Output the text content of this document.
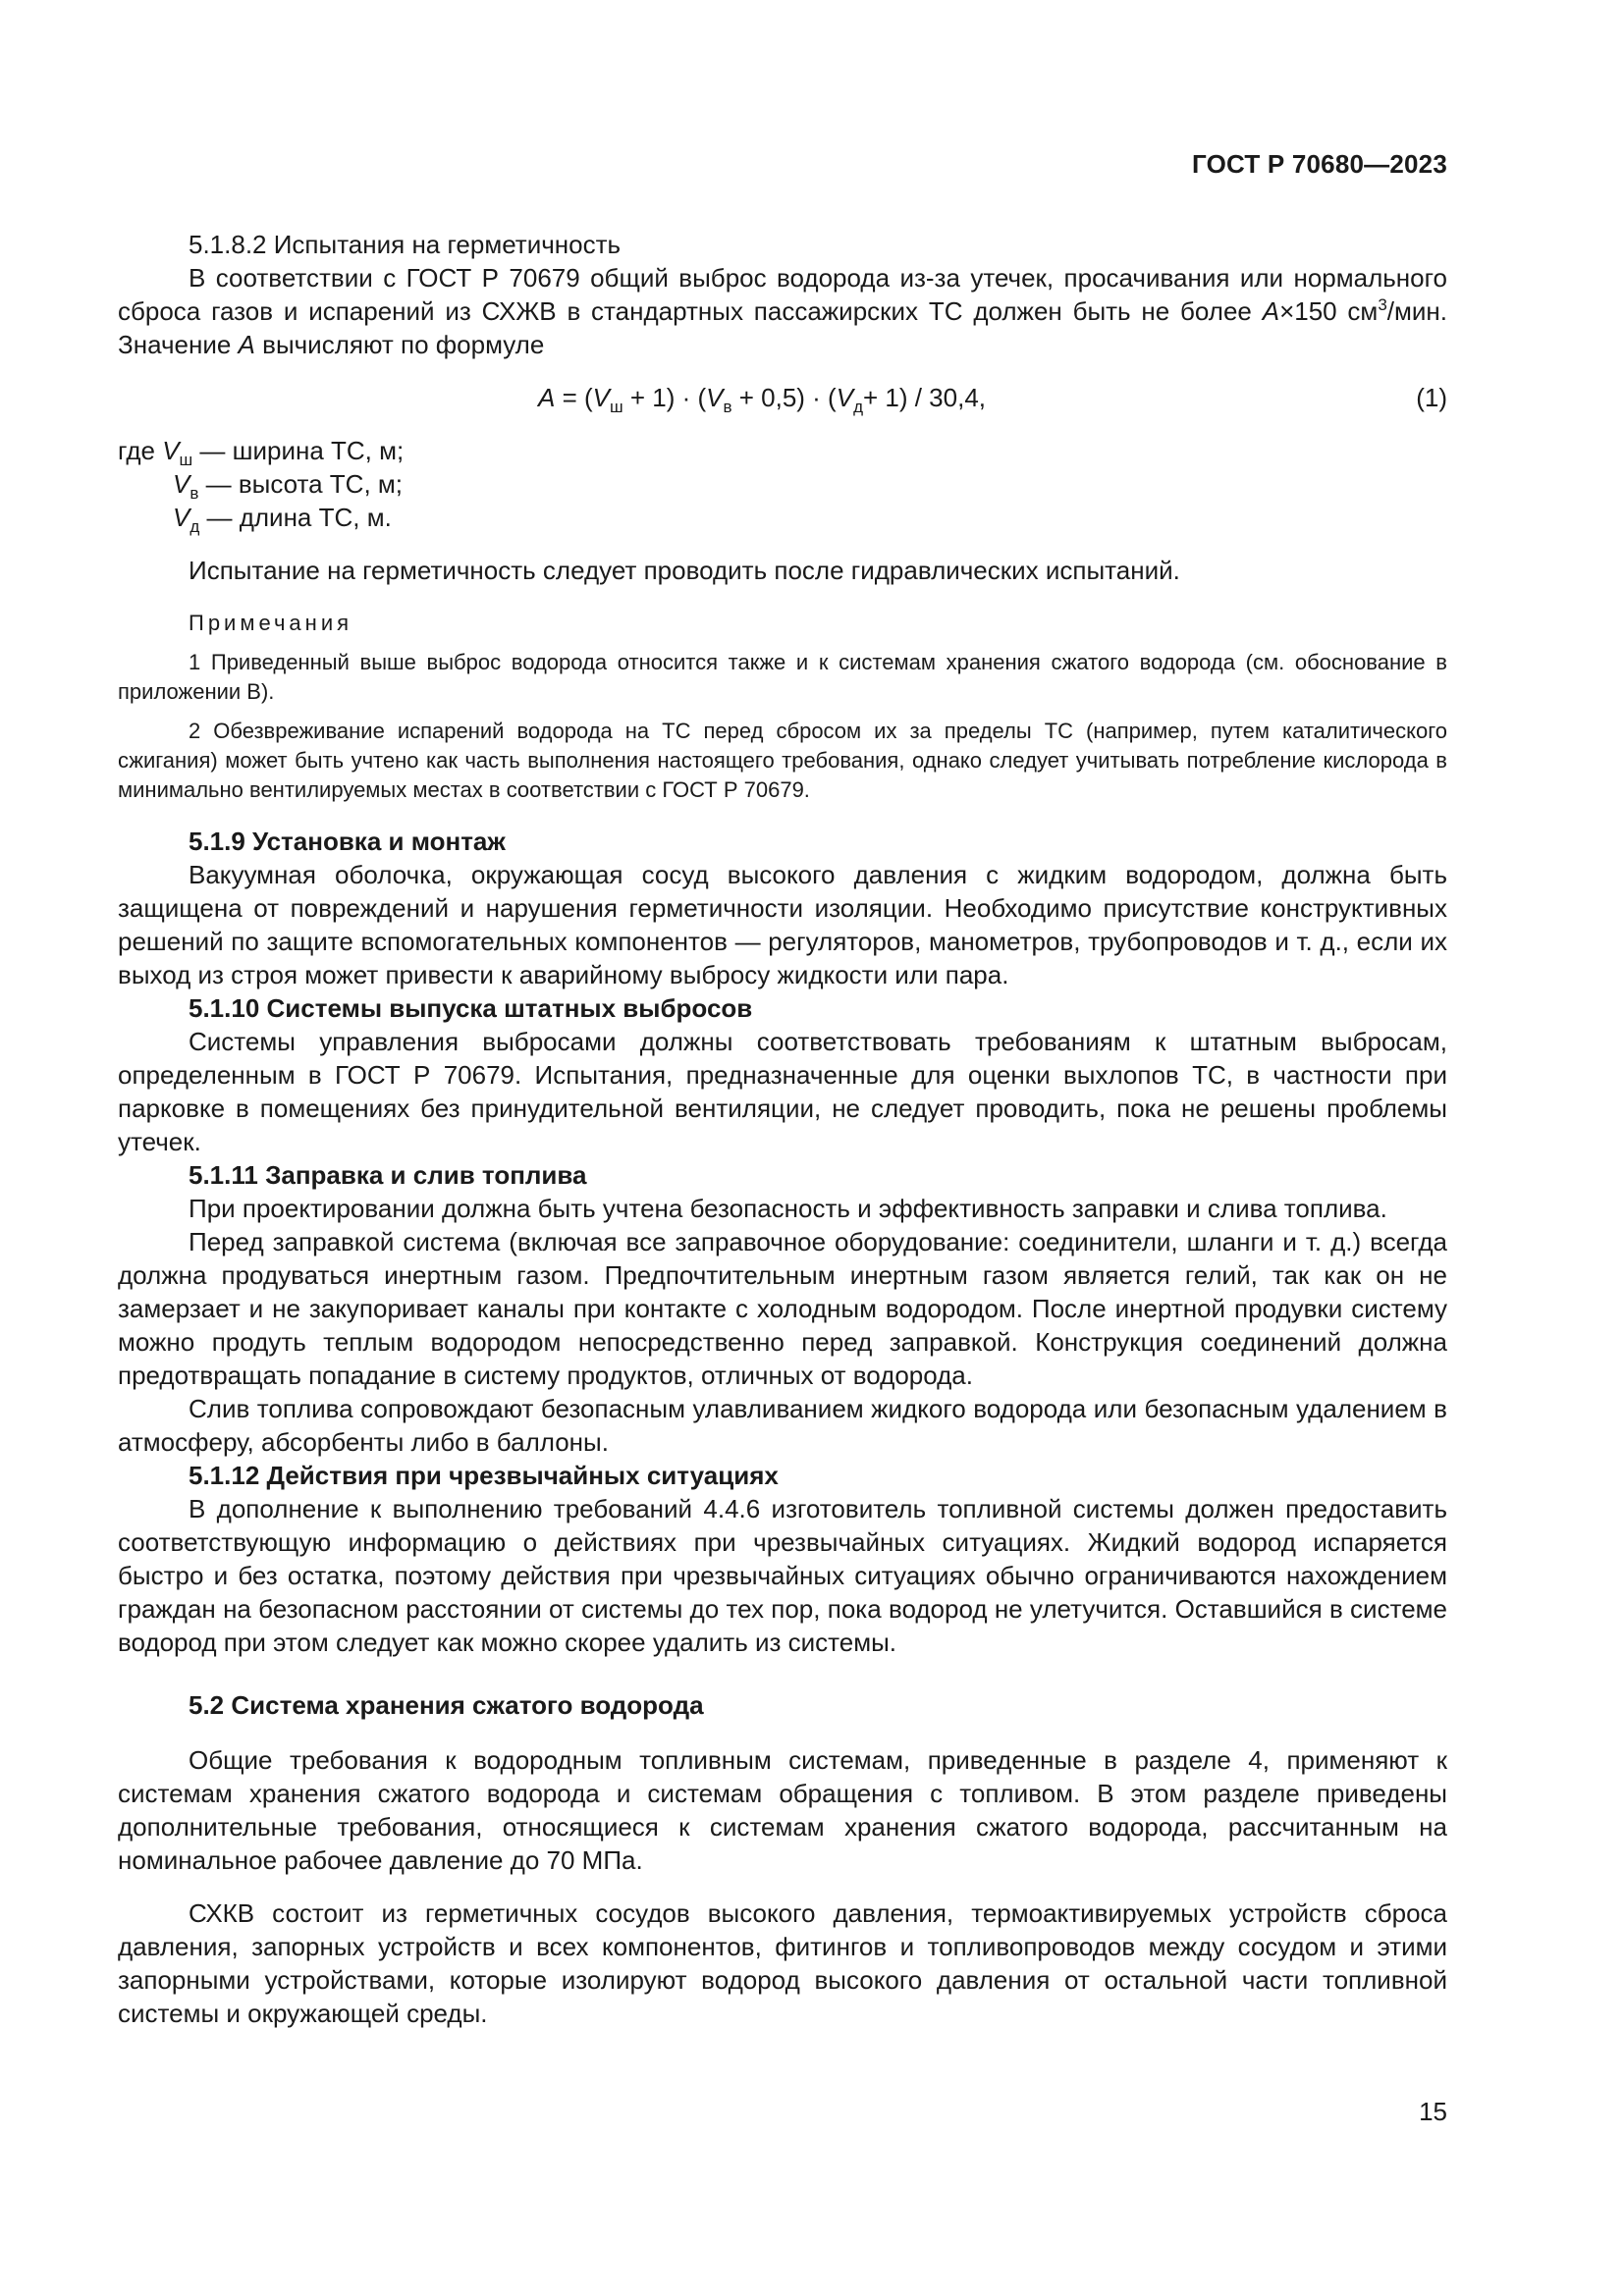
ГОСТ Р 70680—2023

5.1.8.2 Испытания на герметичность

В соответствии с ГОСТ Р 70679 общий выброс водорода из-за утечек, просачивания или нормального сброса газов и испарений из СХЖВ в стандартных пассажирских ТС должен быть не более А×150 $см^3$/мин. Значение А вычисляют по формуле

$А = (V_ш + 1) \cdot (V_в + 0,5) \cdot (V_д+ 1) / 30,4$,	(1)
где $V_ш$ — ширина ТС, м;
$V_в$ — высота ТС, м;
$V_д$ — длина ТС, м.

Испытание на герметичность следует проводить после гидравлических испытаний.

Примечания

1 Приведенный выше выброс водорода относится также и к системам хранения сжатого водорода (см. обоснование в приложении В).

2 Обезвреживание испарений водорода на ТС перед сбросом их за пределы ТС (например, путем каталитического сжигания) может быть учтено как часть выполнения настоящего требования, однако следует учитывать потребление кислорода в минимально вентилируемых местах в соответствии с ГОСТ Р 70679.

5.1.9 Установка и монтаж

Вакуумная оболочка, окружающая сосуд высокого давления с жидким водородом, должна быть защищена от повреждений и нарушения герметичности изоляции. Необходимо присутствие конструктивных решений по защите вспомогательных компонентов — регуляторов, манометров, трубопроводов и т. д., если их выход из строя может привести к аварийному выбросу жидкости или пара.

5.1.10 Системы выпуска штатных выбросов

Системы управления выбросами должны соответствовать требованиям к штатным выбросам, определенным в ГОСТ Р 70679. Испытания, предназначенные для оценки выхлопов ТС, в частности при парковке в помещениях без принудительной вентиляции, не следует проводить, пока не решены проблемы утечек.

5.1.11 Заправка и слив топлива

При проектировании должна быть учтена безопасность и эффективность заправки и слива топлива.

Перед заправкой система (включая все заправочное оборудование: соединители, шланги и т. д.) всегда должна продуваться инертным газом. Предпочтительным инертным газом является гелий, так как он не замерзает и не закупоривает каналы при контакте с холодным водородом. После инертной продувки систему можно продуть теплым водородом непосредственно перед заправкой. Конструкция соединений должна предотвращать попадание в систему продуктов, отличных от водорода.

Слив топлива сопровождают безопасным улавливанием жидкого водорода или безопасным удалением в атмосферу, абсорбенты либо в баллоны.

5.1.12 Действия при чрезвычайных ситуациях

В дополнение к выполнению требований 4.4.6 изготовитель топливной системы должен предоставить соответствующую информацию о действиях при чрезвычайных ситуациях. Жидкий водород испаряется быстро и без остатка, поэтому действия при чрезвычайных ситуациях обычно ограничиваются нахождением граждан на безопасном расстоянии от системы до тех пор, пока водород не улетучится. Оставшийся в системе водород при этом следует как можно скорее удалить из системы.

5.2 Система хранения сжатого водорода

Общие требования к водородным топливным системам, приведенные в разделе 4, применяют к системам хранения сжатого водорода и системам обращения с топливом. В этом разделе приведены дополнительные требования, относящиеся к системам хранения сжатого водорода, рассчитанным на номинальное рабочее давление до 70 МПа.

СХКВ состоит из герметичных сосудов высокого давления, термоактивируемых устройств сброса давления, запорных устройств и всех компонентов, фитингов и топливопроводов между сосудом и этими запорными устройствами, которые изолируют водород высокого давления от остальной части топливной системы и окружающей среды.

15
